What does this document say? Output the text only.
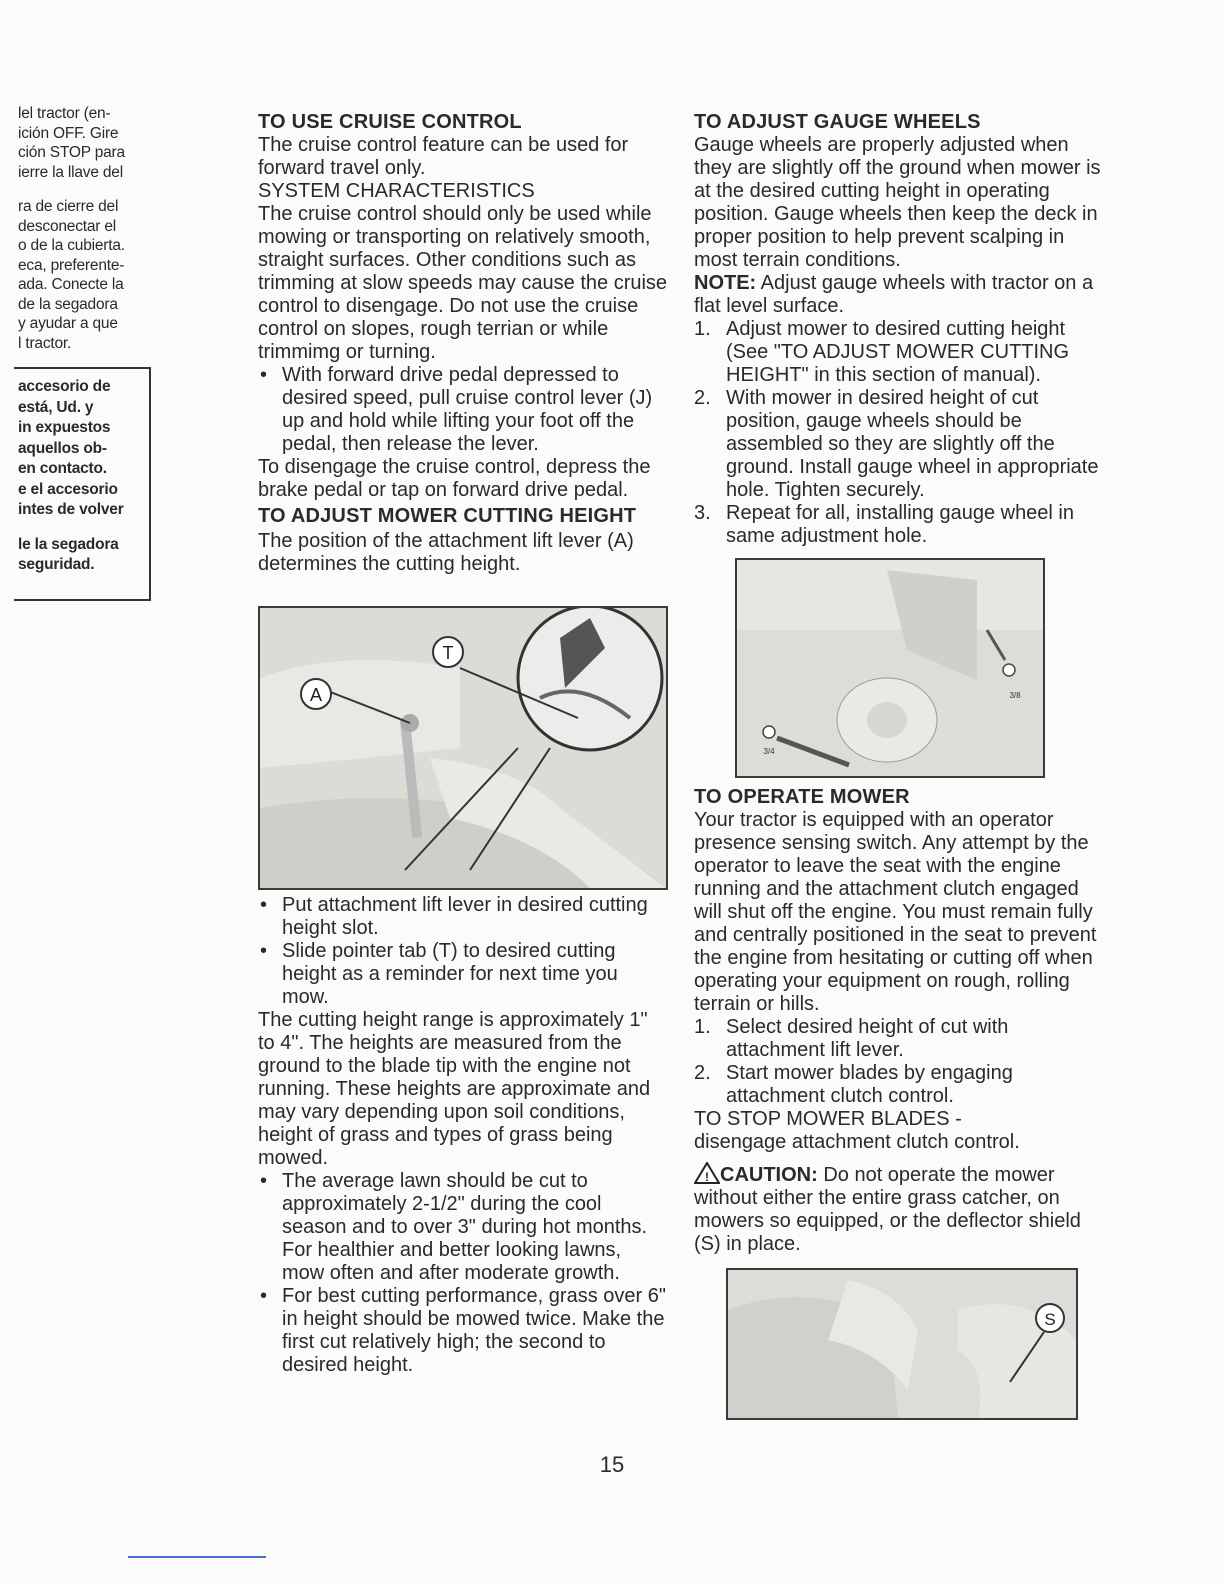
lel tractor (en-
ición OFF. Gire
ción STOP para
ierre la llave del
ra de cierre del
desconectar el
o de la cubierta.
eca, preferente-
ada. Conecte la
de la segadora
y ayudar a que
l tractor.
accesorio de
está, Ud. y
in expuestos
aquellos ob-
en contacto.
e el accesorio
intes de volver
le la segadora
seguridad.
TO USE CRUISE CONTROL

The cruise control feature can be used for forward travel only.

SYSTEM CHARACTERISTICS

The cruise control should only be used while mowing or transporting on relatively smooth, straight surfaces. Other conditions such as trimming at slow speeds may cause the cruise control to disengage. Do not use the cruise control on slopes, rough terrian or while trimmimg or turning.

• With forward drive pedal depressed to desired speed, pull cruise control lever (J) up and hold while lifting your foot off the pedal, then release the lever.

To disengage the cruise control, depress the brake pedal or tap on forward drive pedal.

TO ADJUST MOWER CUTTING HEIGHT

The position of the attachment lift lever (A) determines the cutting height.

A
T
• Put attachment lift lever in desired cutting height slot.
• Slide pointer tab (T) to desired cutting height as a reminder for next time you mow.

The cutting height range is approximately 1" to 4". The heights are measured from the ground to the blade tip with the engine not running. These heights are approximate and may vary depending upon soil conditions, height of grass and types of grass being mowed.

• The average lawn should be cut to approximately 2-1/2" during the cool season and to over 3" during hot months. For healthier and better looking lawns, mow often and after moderate growth.
• For best cutting performance, grass over 6" in height should be mowed twice. Make the first cut relatively high; the second to desired height.
TO ADJUST GAUGE WHEELS

Gauge wheels are properly adjusted when they are slightly off the ground when mower is at the desired cutting height in operating position. Gauge wheels then keep the deck in proper position to help prevent scalping in most terrain conditions.

NOTE: Adjust gauge wheels with tractor on a flat level surface.

1. Adjust mower to desired cutting height (See "TO ADJUST MOWER CUTTING HEIGHT" in this section of manual).
2. With mower in desired height of cut position, gauge wheels should be assembled so they are slightly off the ground. Install gauge wheel in appropriate hole. Tighten securely.
3. Repeat for all, installing gauge wheel in same adjustment hole.
3/4
3/8
TO OPERATE MOWER

Your tractor is equipped with an operator presence sensing switch. Any attempt by the operator to leave the seat with the engine running and the attachment clutch engaged will shut off the engine. You must remain fully and centrally positioned in the seat to prevent the engine from hesitating or cutting off when operating your equipment on rough, rolling terrain or hills.

1. Select desired height of cut with attachment lift lever.
2. Start mower blades by engaging attachment clutch control.
TO STOP MOWER BLADES -
disengage attachment clutch control.

! CAUTION: Do not operate the mower without either the entire grass catcher, on mowers so equipped, or the deflector shield (S) in place.

S
15
